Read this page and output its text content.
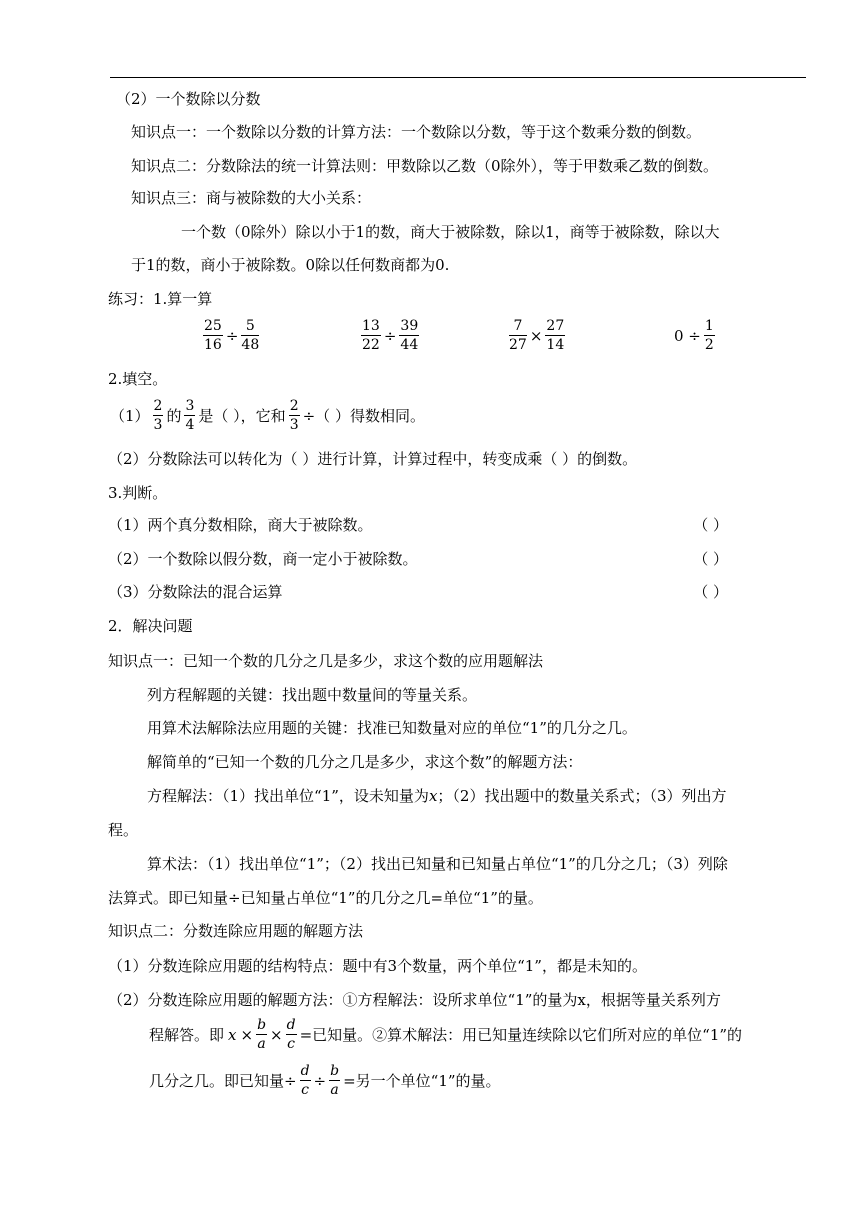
（2）一个数除以分数
知识点一：一个数除以分数的计算方法：一个数除以分数，等于这个数乘分数的倒数。
知识点二：分数除法的统一计算法则：甲数除以乙数（0除外），等于甲数乘乙数的倒数。
知识点三：商与被除数的大小关系：
一个数（0除外）除以小于1的数，商大于被除数，除以1，商等于被除数，除以大
于1的数，商小于被除数。0除以任何数商都为0.
练习：1.算一算
$\frac{25}{16} \div \frac{5}{48}$	$\frac{13}{22} \div \frac{39}{44}$	$\frac{7}{27} \times \frac{27}{14}$	$0 \div \frac{1}{2}$
2.填空。
$(1) \frac{2}{3}$ 的 $\frac{3}{4}$ 是（ ），它和 $\frac{2}{3}$ ÷（ ）得数相同。
（2）分数除法可以转化为（ ）进行计算，计算过程中，转变成乘（ ）的倒数。
3.判断。
（1）两个真分数相除，商大于被除数。	（ ）
（2）一个数除以假分数，商一定小于被除数。	（ ）
（3）分数除法的混合运算	（ ）
2．解决问题
知识点一：已知一个数的几分之几是多少，求这个数的应用题解法
列方程解题的关键：找出题中数量间的等量关系。
用算术法解除法应用题的关键：找准已知数量对应的单位“1”的几分之几。
解简单的“已知一个数的几分之几是多少，求这个数”的解题方法：
方程解法：（1）找出单位“1”，设未知量为x；（2）找出题中的数量关系式；（3）列出方
程。
算术法：（1）找出单位“1”；（2）找出已知量和已知量占单位“1”的几分之几；（3）列除
法算式。即已知量÷已知量占单位“1”的几分之几=单位“1”的量。
知识点二：分数连除应用题的解题方法
（1）分数连除应用题的结构特点：题中有3个数量，两个单位“1”，都是未知的。
（2）分数连除应用题的解题方法：①方程解法：设所求单位“1”的量为x，根据等量关系列方
程解答。即 $x \times \frac{b}{a} \times \frac{d}{c}$ =已知量。②算术解法：用已知量连续除以它们所对应的单位“1”的
几分之几。即已知量÷ $\frac{d}{c} \div \frac{b}{a}$ =另一个单位“1”的量。
